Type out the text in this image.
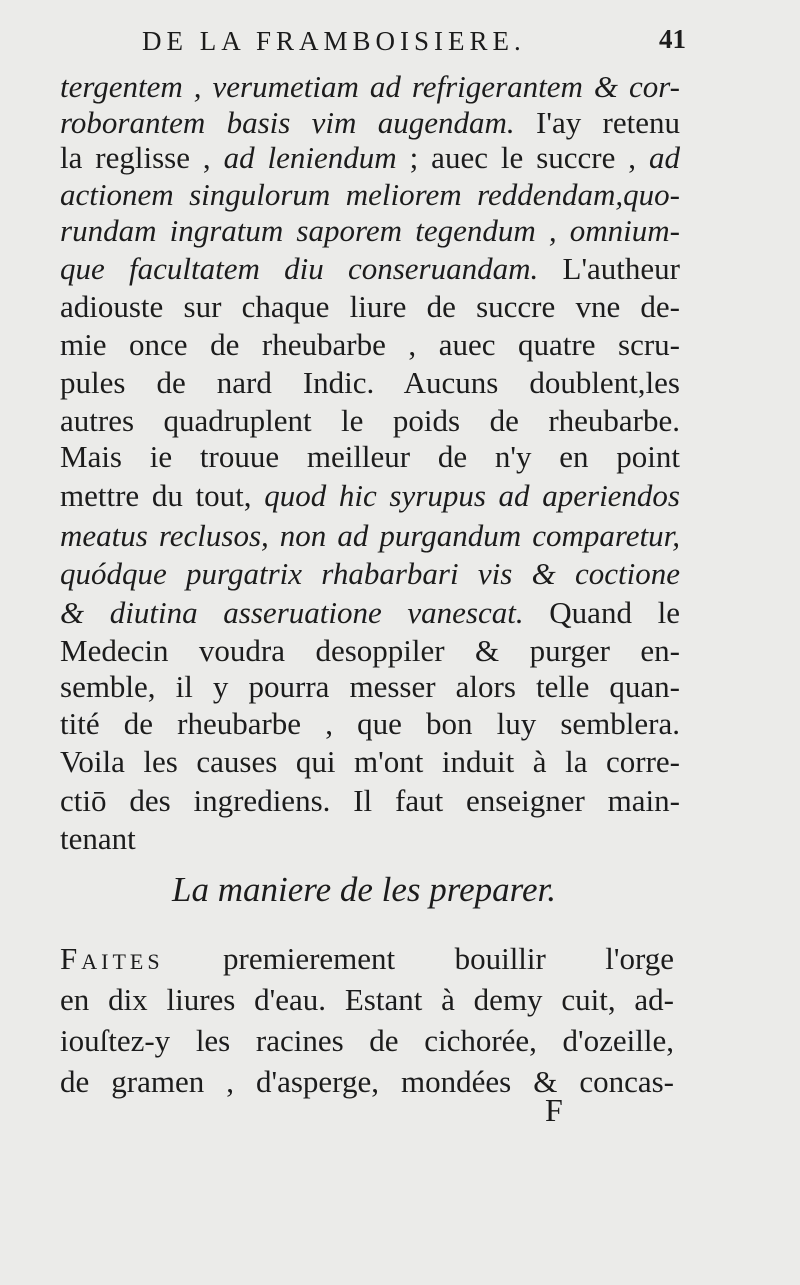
DE LA FRAMBOISIERE.	41
tergentem , verumetiam ad refrigerantem & cor-
roborantem basis vim augendam. I'ay retenu
la reglisse , ad leniendum ; auec le succre , ad
actionem singulorum meliorem reddendam,quo-
rundam ingratum saporem tegendum , omnium-
que facultatem diu conseruandam. L'autheur
adiouste sur chaque liure de succre vne de-
mie once de rheubarbe , auec quatre scru-
pules de nard Indic. Aucuns doublent,les
autres quadruplent le poids de rheubarbe.
Mais ie trouue meilleur de n'y en point
mettre du tout, quod hic syrupus ad aperiendos
meatus reclusos, non ad purgandum comparetur,
quódque purgatrix rhabarbari vis & coctione
& diutina asseruatione vanescat. Quand le
Medecin voudra desoppiler & purger en-
semble, il y pourra messer alors telle quan-
tité de rheubarbe , que bon luy semblera.
Voila les causes qui m'ont induit à la corre-
ctiō des ingrediens. Il faut enseigner main-
tenant
La maniere de les preparer.
Faites premierement bouillir l'orge
en dix liures d'eau. Estant à demy cuit, ad-
iouſtez-y les racines de cichorée, d'ozeille,
de gramen , d'asperge, mondées & concas-
F
